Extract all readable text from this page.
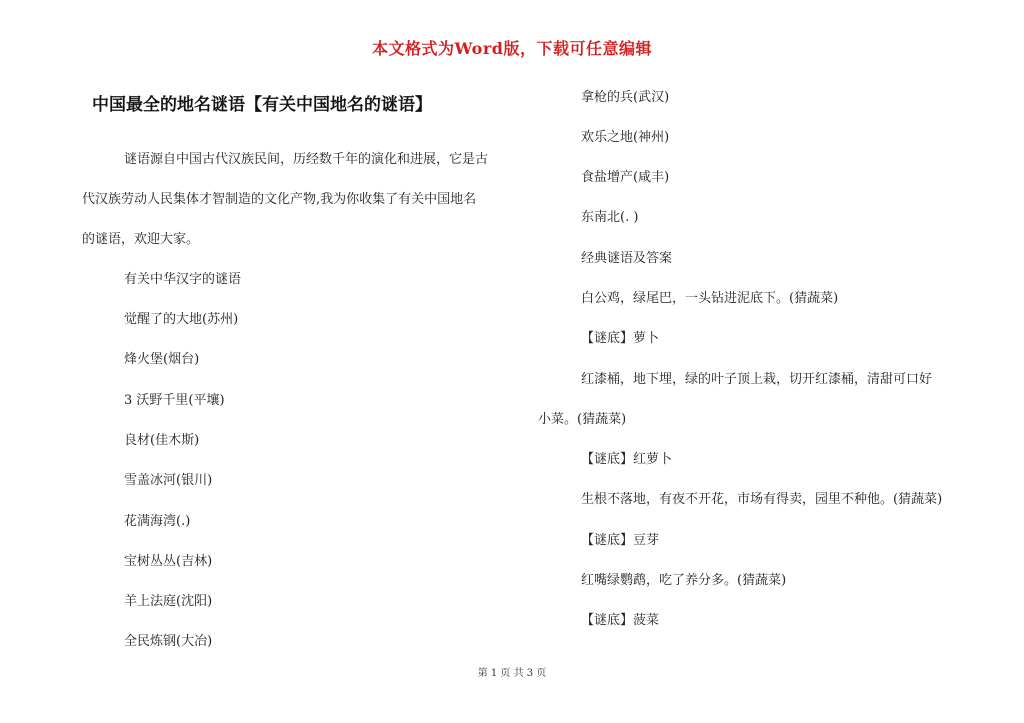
本文格式为Word版，下载可任意编辑
中国最全的地名谜语【有关中国地名的谜语】
谜语源自中国古代汉族民间，历经数千年的演化和进展，它是古
代汉族劳动人民集体才智制造的文化产物,我为你收集了有关中国地名
的谜语，欢迎大家。
有关中华汉字的谜语
觉醒了的大地(苏州)
烽火堡(烟台)
3 沃野千里(平壤)
良材(佳木斯)
雪盖冰河(银川)
花满海湾(.)
宝树丛丛(吉林)
羊上法庭(沈阳)
全民炼钢(大冶)
拿枪的兵(武汉)
欢乐之地(神州)
食盐增产(咸丰)
东南北(. )
经典谜语及答案
白公鸡，绿尾巴，一头钻进泥底下。(猜蔬菜)
【谜底】萝卜
红漆桶，地下埋，绿的叶子顶上栽，切开红漆桶，清甜可口好
小菜。(猜蔬菜)
【谜底】红萝卜
生根不落地，有夜不开花，市场有得卖，园里不种他。(猜蔬菜)
【谜底】豆芽
红嘴绿鹦鹉，吃了养分多。(猜蔬菜)
【谜底】菠菜
第 1 页 共 3 页
